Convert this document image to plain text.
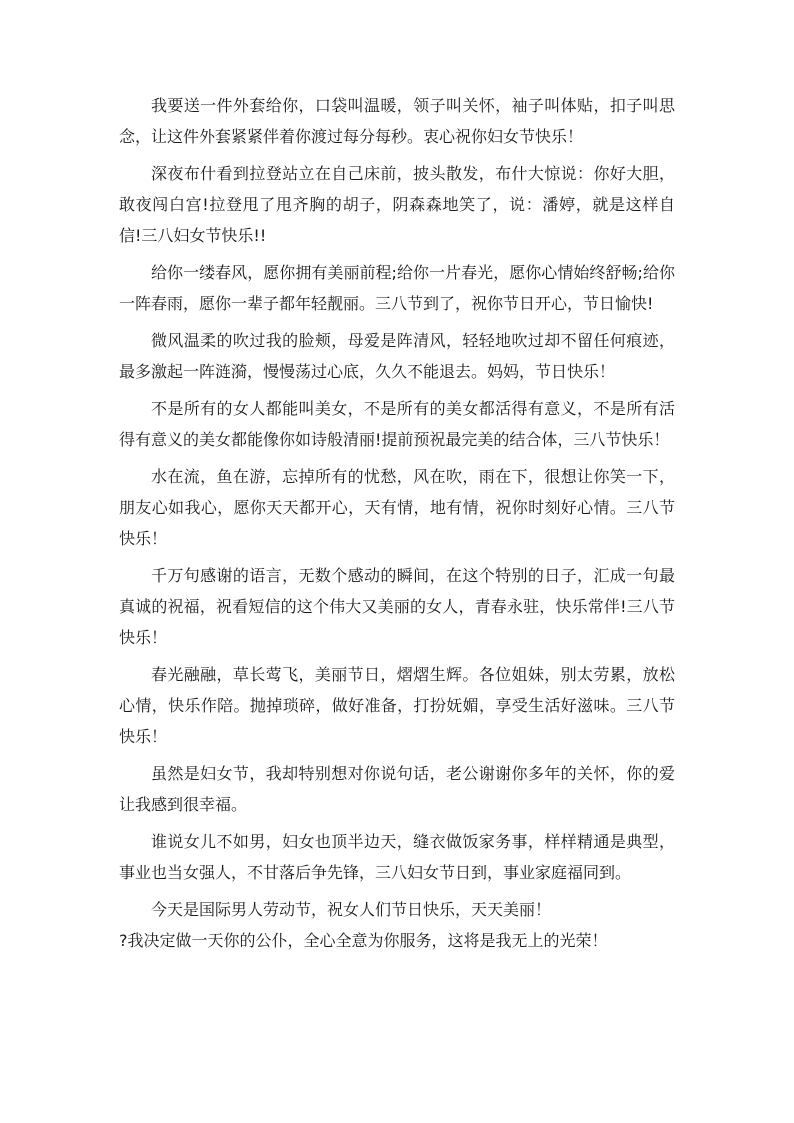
我要送一件外套给你，口袋叫温暖，领子叫关怀，袖子叫体贴，扣子叫思念，让这件外套紧紧伴着你渡过每分每秒。衷心祝你妇女节快乐！

深夜布什看到拉登站立在自己床前，披头散发，布什大惊说：你好大胆，敢夜闯白宫!拉登甩了甩齐胸的胡子，阴森森地笑了，说：潘婷，就是这样自信!三八妇女节快乐!!

给你一缕春风，愿你拥有美丽前程;给你一片春光，愿你心情始终舒畅;给你一阵春雨，愿你一辈子都年轻靓丽。三八节到了，祝你节日开心，节日愉快!

微风温柔的吹过我的脸颊，母爱是阵清风，轻轻地吹过却不留任何痕迹，最多激起一阵涟漪，慢慢荡过心底，久久不能退去。妈妈，节日快乐！

不是所有的女人都能叫美女，不是所有的美女都活得有意义，不是所有活得有意义的美女都能像你如诗般清丽!提前预祝最完美的结合体，三八节快乐！

水在流，鱼在游，忘掉所有的忧愁，风在吹，雨在下，很想让你笑一下，朋友心如我心，愿你天天都开心，天有情，地有情，祝你时刻好心情。三八节快乐！

千万句感谢的语言，无数个感动的瞬间，在这个特别的日子，汇成一句最真诚的祝福，祝看短信的这个伟大又美丽的女人，青春永驻，快乐常伴!三八节快乐！

春光融融，草长莺飞，美丽节日，熠熠生辉。各位姐妹，别太劳累，放松心情，快乐作陪。抛掉琐碎，做好准备，打扮妩媚，享受生活好滋味。三八节快乐！

虽然是妇女节，我却特别想对你说句话，老公谢谢你多年的关怀，你的爱让我感到很幸福。

谁说女儿不如男，妇女也顶半边天，缝衣做饭家务事，样样精通是典型，事业也当女强人，不甘落后争先锋，三八妇女节日到，事业家庭福同到。

今天是国际男人劳动节，祝女人们节日快乐，天天美丽！
?我决定做一天你的公仆，全心全意为你服务，这将是我无上的光荣！
